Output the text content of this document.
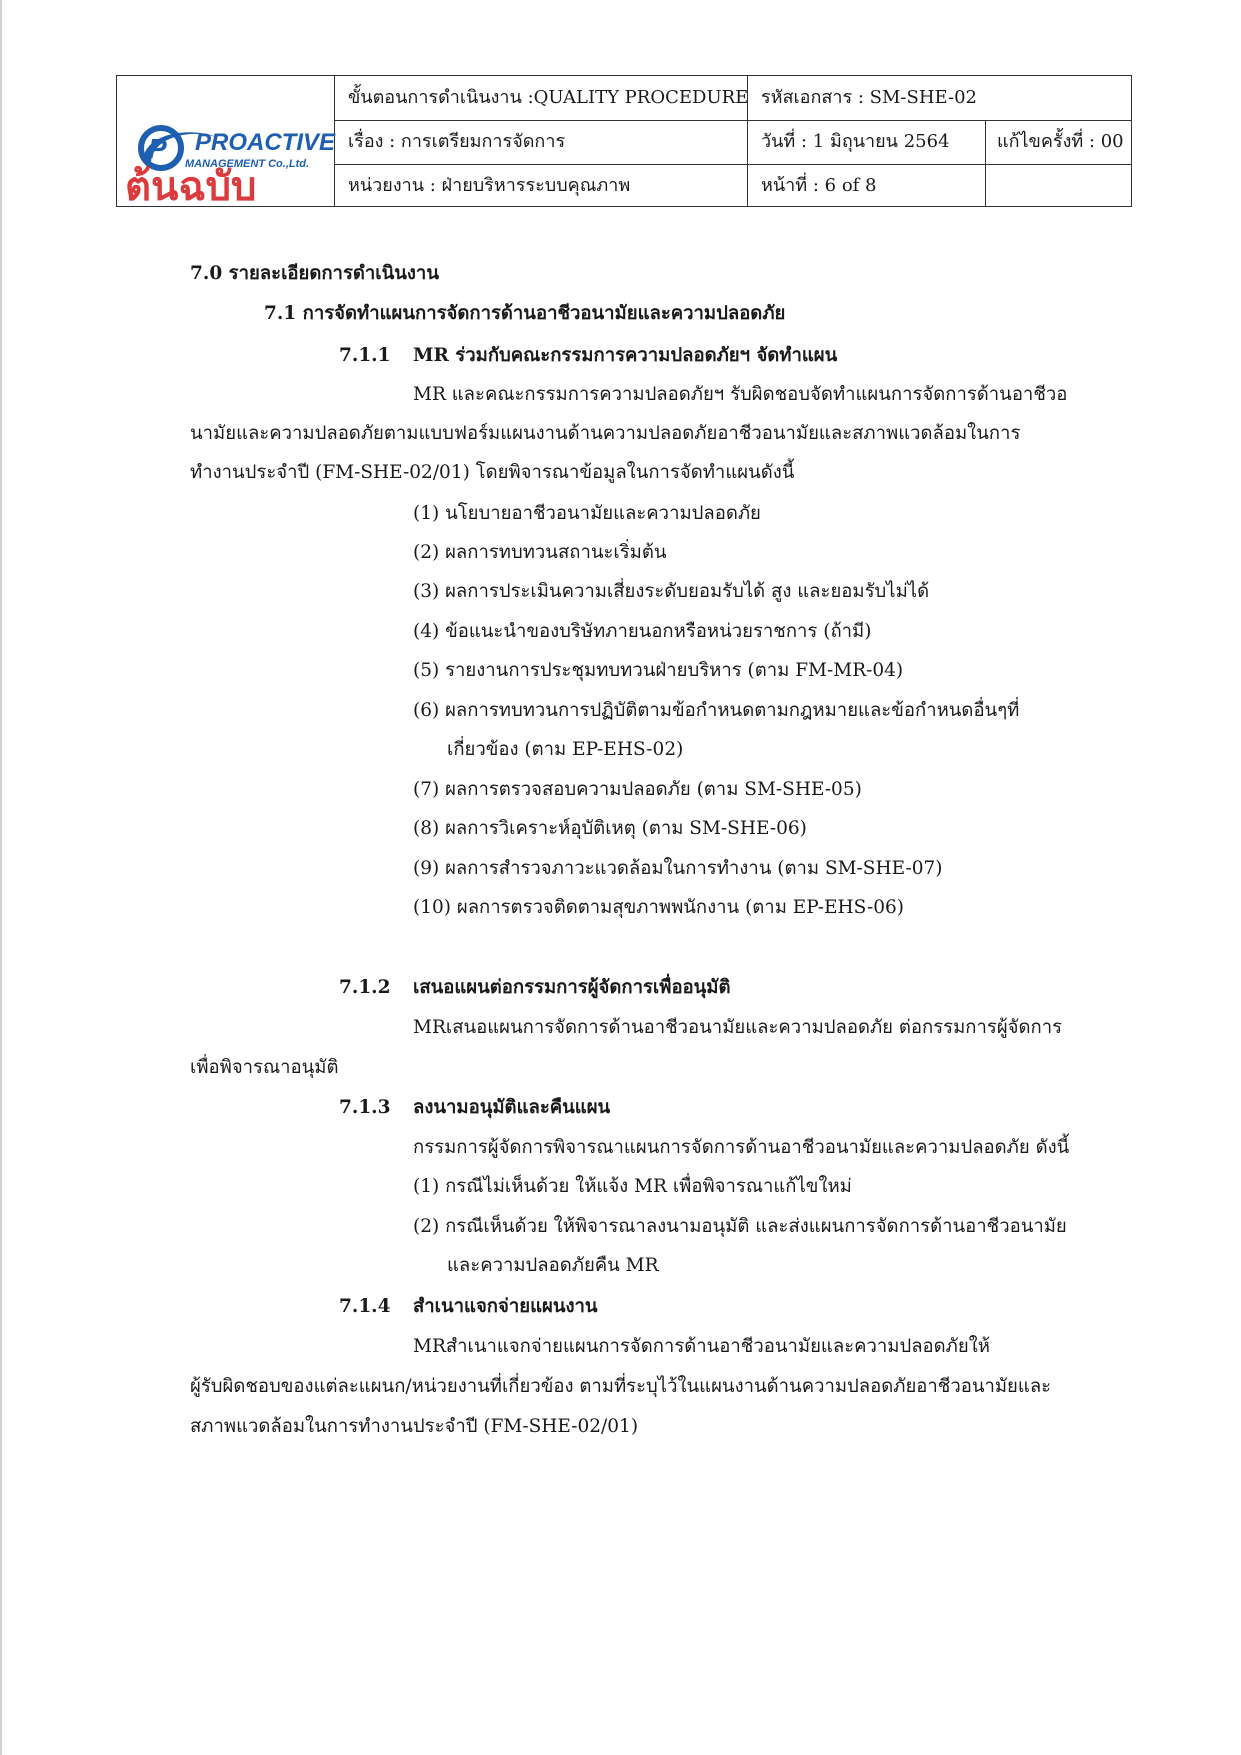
P PROACTIVE
MANAGEMENT Co.,Ltd.
ต้นฉบับ
ขั้นตอนการดำเนินงาน :QUALITY PROCEDURE รหัสเอกสาร : SM-SHE-02
เรื่อง : การเตรียมการจัดการ	วันที่ : 1 มิถุนายน 2564	แก้ไขครั้งที่ : 00
หน่วยงาน : ฝ่ายบริหารระบบคุณภาพ	หน้าที่ : 6 of 8
7.0 รายละเอียดการดำเนินงาน
7.1 การจัดทำแผนการจัดการด้านอาชีวอนามัยและความปลอดภัย
7.1.1 MR ร่วมกับคณะกรรมการความปลอดภัยฯ จัดทำแผน
MR และคณะกรรมการความปลอดภัยฯ รับผิดชอบจัดทำแผนการจัดการด้านอาชีวอ
นามัยและความปลอดภัยตามแบบฟอร์มแผนงานด้านความปลอดภัยอาชีวอนามัยและสภาพแวดล้อมในการ
ทำงานประจำปี (FM-SHE-02/01) โดยพิจารณาข้อมูลในการจัดทำแผนดังนี้
(1) นโยบายอาชีวอนามัยและความปลอดภัย
(2) ผลการทบทวนสถานะเริ่มต้น
(3) ผลการประเมินความเสี่ยงระดับยอมรับได้ สูง และยอมรับไม่ได้
(4) ข้อแนะนำของบริษัทภายนอกหรือหน่วยราชการ (ถ้ามี)
(5) รายงานการประชุมทบทวนฝ่ายบริหาร (ตาม FM-MR-04)
(6) ผลการทบทวนการปฏิบัติตามข้อกำหนดตามกฎหมายและข้อกำหนดอื่นๆที่
เกี่ยวข้อง (ตาม EP-EHS-02)
(7) ผลการตรวจสอบความปลอดภัย (ตาม SM-SHE-05)
(8) ผลการวิเคราะห์อุบัติเหตุ (ตาม SM-SHE-06)
(9) ผลการสำรวจภาวะแวดล้อมในการทำงาน (ตาม SM-SHE-07)
(10) ผลการตรวจติดตามสุขภาพพนักงาน (ตาม EP-EHS-06)
7.1.2 เสนอแผนต่อกรรมการผู้จัดการเพื่ออนุมัติ
MRเสนอแผนการจัดการด้านอาชีวอนามัยและความปลอดภัย ต่อกรรมการผู้จัดการ
เพื่อพิจารณาอนุมัติ
7.1.3 ลงนามอนุมัติและคืนแผน
กรรมการผู้จัดการพิจารณาแผนการจัดการด้านอาชีวอนามัยและความปลอดภัย ดังนี้
(1) กรณีไม่เห็นด้วย ให้แจ้ง MR เพื่อพิจารณาแก้ไขใหม่
(2) กรณีเห็นด้วย ให้พิจารณาลงนามอนุมัติ และส่งแผนการจัดการด้านอาชีวอนามัย
และความปลอดภัยคืน MR
7.1.4 สำเนาแจกจ่ายแผนงาน
MRสำเนาแจกจ่ายแผนการจัดการด้านอาชีวอนามัยและความปลอดภัยให้
ผู้รับผิดชอบของแต่ละแผนก/หน่วยงานที่เกี่ยวข้อง ตามที่ระบุไว้ในแผนงานด้านความปลอดภัยอาชีวอนามัยและ
สภาพแวดล้อมในการทำงานประจำปี (FM-SHE-02/01)
